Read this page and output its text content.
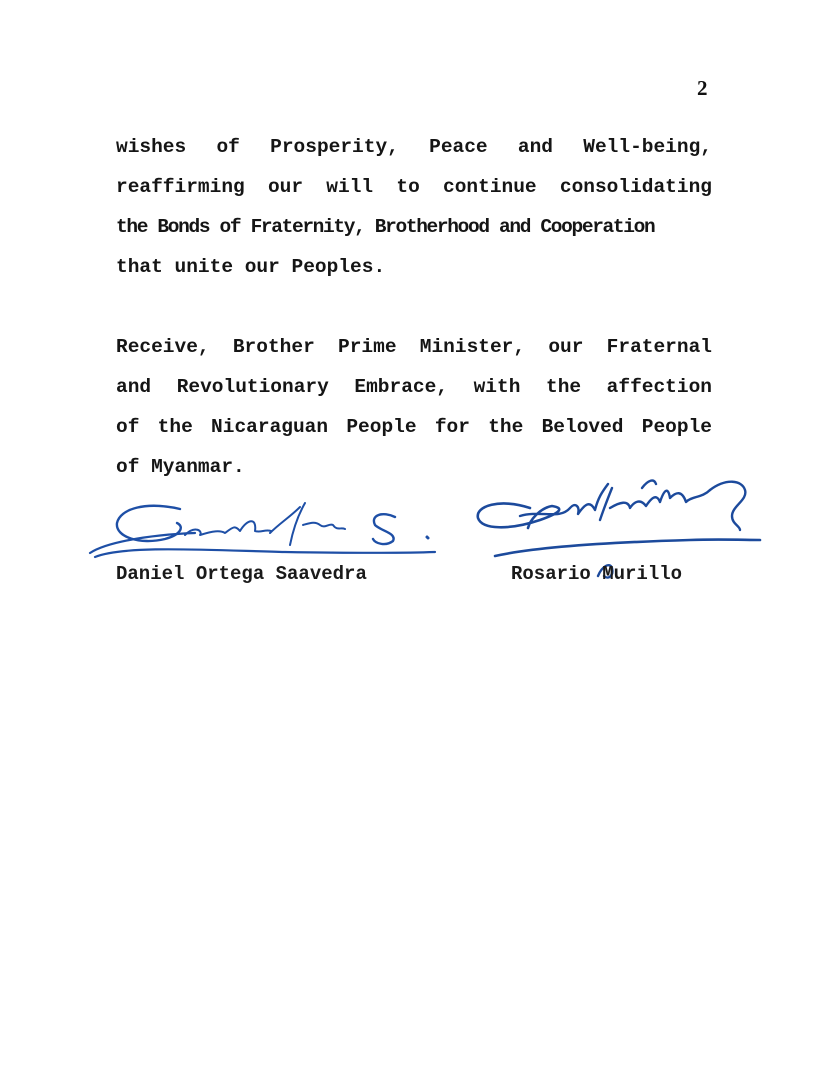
2
wishes of Prosperity, Peace and Well-being,
reaffirming our will to continue consolidating
the Bonds of Fraternity, Brotherhood and Cooperation
that unite our Peoples.
Receive, Brother Prime Minister, our Fraternal
and Revolutionary Embrace, with the affection
of the Nicaraguan People for the Beloved People
of Myanmar.
Daniel Ortega Saavedra	Rosario Murillo
